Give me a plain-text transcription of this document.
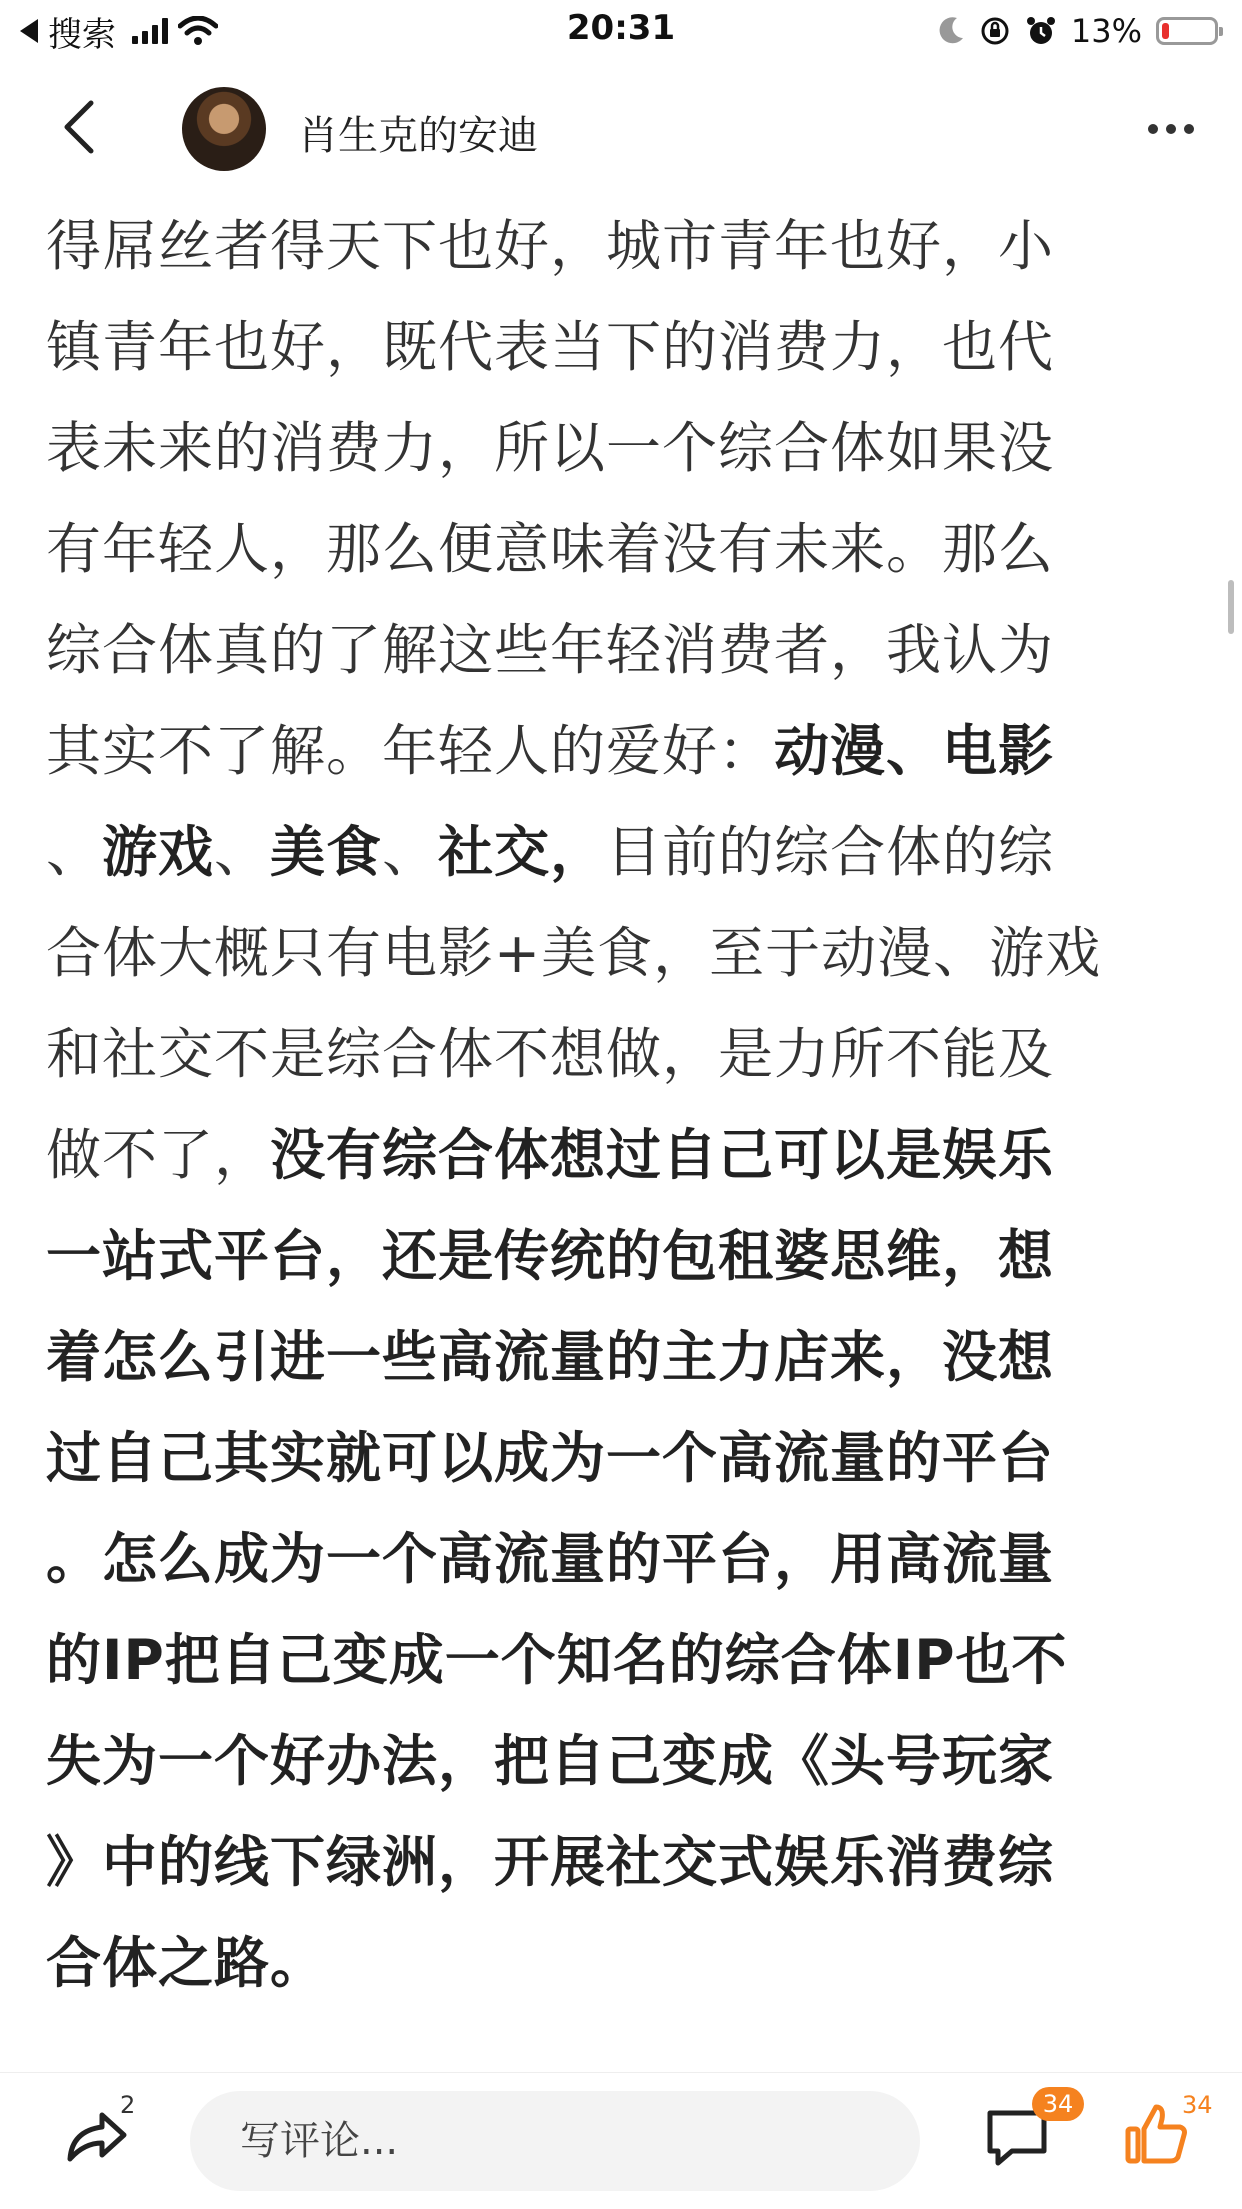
搜索	20:31	13%
肖生克的安迪
得屌丝者得天下也好，城市青年也好，小
镇青年也好，既代表当下的消费力，也代
表未来的消费力，所以一个综合体如果没
有年轻人，那么便意味着没有未来。那么
综合体真的了解这些年轻消费者，我认为
其实不了解。年轻人的爱好：动漫、电影
、游戏、美食、社交，目前的综合体的综
合体大概只有电影+美食，至于动漫、游戏
和社交不是综合体不想做，是力所不能及
做不了，没有综合体想过自己可以是娱乐
一站式平台，还是传统的包租婆思维，想
着怎么引进一些高流量的主力店来，没想
过自己其实就可以成为一个高流量的平台
。怎么成为一个高流量的平台，用高流量
的IP把自己变成一个知名的综合体IP也不
失为一个好办法，把自己变成《头号玩家
》中的线下绿洲，开展社交式娱乐消费综
合体之路。
2
写评论...	34	34
